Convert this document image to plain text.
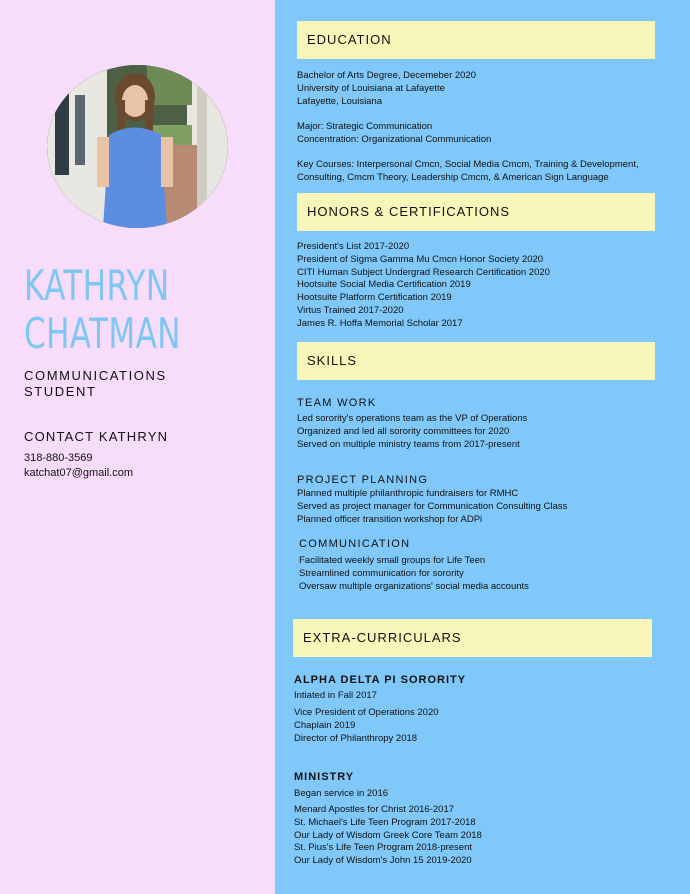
KATHRYN
CHATMAN
COMMUNICATIONS
STUDENT
CONTACT KATHRYN
318-880-3569
katchat07@gmail.com
EDUCATION
Bachelor of Arts Degree, Decemeber 2020
University of Louisiana at Lafayette
Lafayette, Louisiana
Major: Strategic Communication
Concentration: Organizational Communication
Key Courses: Interpersonal Cmcn, Social Media Cmcm, Training & Development,
Consulting, Cmcm Theory, Leadership Cmcm, & American Sign Language
HONORS & CERTIFICATIONS
President's List 2017-2020
President of Sigma Gamma Mu Cmcn Honor Society 2020
CITI Human Subject Undergrad Research Certification 2020
Hootsuite Social Media Certification 2019
Hootsuite Platform Certification 2019
Virtus Trained 2017-2020
James R. Hoffa Memorial Scholar 2017
SKILLS
TEAM WORK
Led sorority's operations team as the VP of Operations
Organized and led all sorority committees for 2020
Served on multiple ministry teams from 2017-present
PROJECT PLANNING
Planned multiple philanthropic fundraisers for RMHC
Served as project manager for Communication Consulting Class
Planned officer transition workshop for ADPi
COMMUNICATION
Facilitated weekly small groups for Life Teen
Streamlined communication for sorority
Oversaw multiple organizations' social media accounts
EXTRA-CURRICULARS
ALPHA DELTA PI SORORITY
Intiated in Fall 2017
Vice President of Operations 2020
Chaplain 2019
Director of Philanthropy 2018
MINISTRY
Began service in 2016
Menard Apostles for Christ 2016-2017
St. Michael's Life Teen Program 2017-2018
Our Lady of Wisdom Greek Core Team 2018
St. Pius's Life Teen Program 2018-present
Our Lady of Wisdom's John 15 2019-2020
